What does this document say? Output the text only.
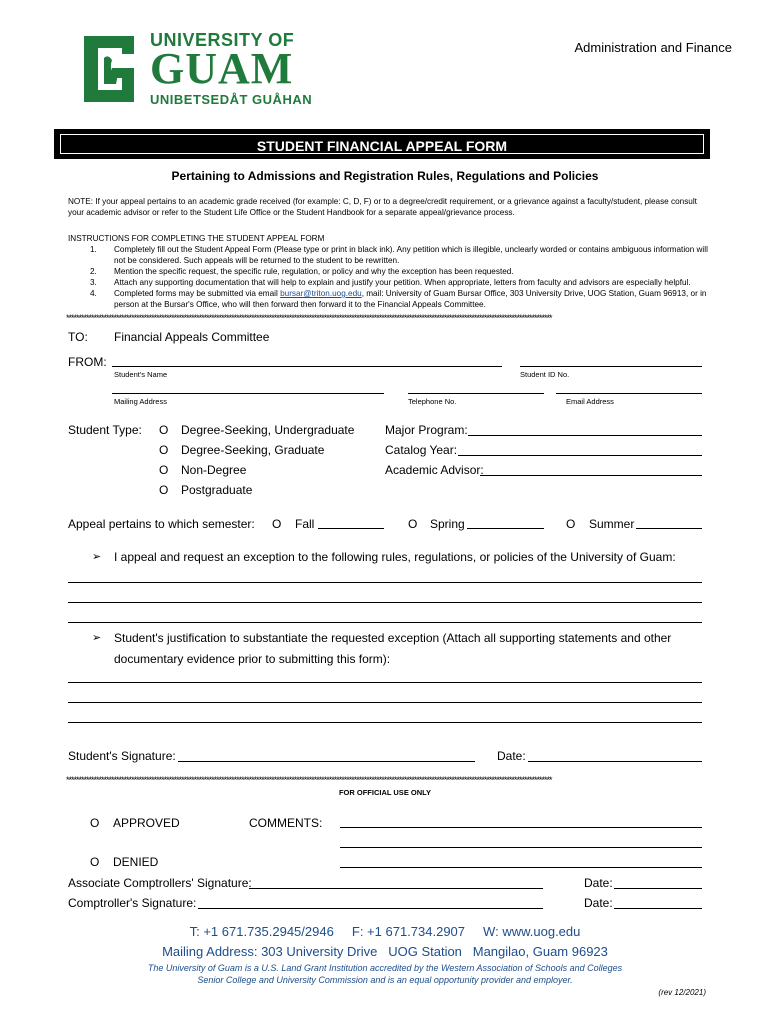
UNIVERSITY OF
GUAM
UNIBETSEDÅT GUÅHAN
Administration and Finance
STUDENT FINANCIAL APPEAL FORM
Pertaining to Admissions and Registration Rules, Regulations and Policies
NOTE: If your appeal pertains to an academic grade received (for example: C, D, F) or to a degree/credit requirement, or a grievance against a faculty/student, please consult your academic advisor or refer to the Student Life Office or the Student Handbook for a separate appeal/grievance process.
INSTRUCTIONS FOR COMPLETING THE STUDENT APPEAL FORM
1. Completely fill out the Student Appeal Form (Please type or print in black ink). Any petition which is illegible, unclearly worded or contains ambiguous information will not be considered. Such appeals will be returned to the student to be rewritten.
2. Mention the specific request, the specific rule, regulation, or policy and why the exception has been requested.
3. Attach any supporting documentation that will help to explain and justify your petition. When appropriate, letters from faculty and advisors are especially helpful.
4. Completed forms may be submitted via email bursar@triton.uog.edu, mail: University of Guam Bursar Office, 303 University Drive, UOG Station, Guam 96913, or in person at the Bursar's Office, who will then forward then forward it to the Financial Appeals Committee.
**************************************************************************************************************************************************************************************************
TO: Financial Appeals Committee
FROM:
Student's Name	Student ID No.
Mailing Address	Telephone No.	Email Address
Student Type: O Degree-Seeking, Undergraduate
O Degree-Seeking, Graduate
O Non-Degree
O Postgraduate
Major Program:
Catalog Year:
Academic Advisor:
Appeal pertains to which semester: O Fall	O Spring	O Summer
➢ I appeal and request an exception to the following rules, regulations, or policies of the University of Guam:
➢ Student's justification to substantiate the requested exception (Attach all supporting statements and other
documentary evidence prior to submitting this form):
Student's Signature:	Date:
**************************************************************************************************************************************************************************************************
FOR OFFICIAL USE ONLY
O APPROVED	COMMENTS:
O DENIED
Associate Comptrollers' Signature:	Date:
Comptroller's Signature:	Date:
T: +1 671.735.2945/2946     F: +1 671.734.2907     W: www.uog.edu
Mailing Address: 303 University Drive   UOG Station   Mangilao, Guam 96923
The University of Guam is a U.S. Land Grant Institution accredited by the Western Association of Schools and Colleges
Senior College and University Commission and is an equal opportunity provider and employer.
(rev 12/2021)
